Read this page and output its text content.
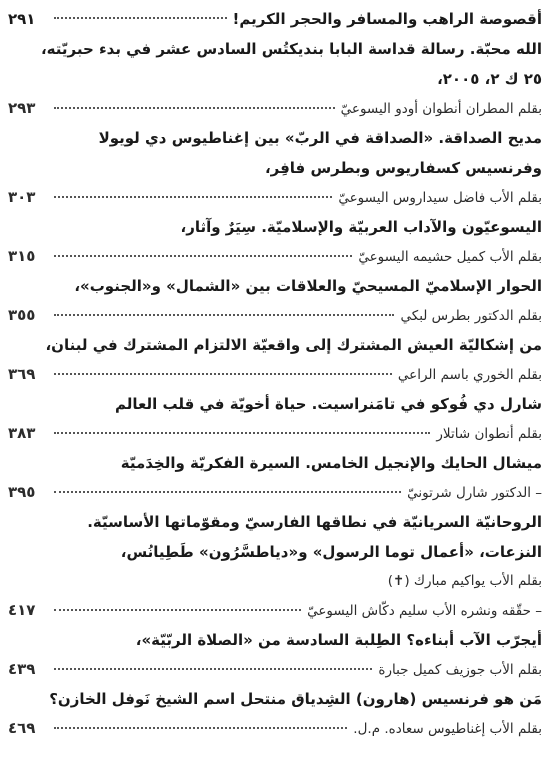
أقصوصة الراهب والمسافر والحجر الكريم!
٢٩١
الله محبّة. رسالة قداسة البابا بنديكتُس السادس عشر في بدء حبريّته،
٢٥ ك ٢، ٢٠٠٥،
بقلم المطران أنطوان أودو اليسوعيّ
٢٩٣
مديح الصداقة. «الصداقة في الربّ» بين إغناطيوس دي لويولا
وفرنسيس كسفاريوس وبطرس فافِر،
بقلم الأب فاضل سيداروس اليسوعيّ
٣٠٣
اليسوعيّون والآداب العربيّة والإسلاميّة. سِيَرٌ وآثار،
بقلم الأب كميل حشيمه اليسوعيّ
٣١٥
الحوار الإسلاميّ المسيحيّ والعلاقات بين «الشمال» و«الجنوب»،
بقلم الدكتور بطرس لبكي
٣٥٥
من إشكاليّة العيش المشترك إلى واقعيّة الالتزام المشترك في لبنان،
بقلم الخوري باسم الراعي
٣٦٩
شارل دي فُوكو في تامَنراسيت. حياة أخويّة في قلب العالم
بقلم أنطوان شاتلار
٣٨٣
ميشال الحايك والإنجيل الخامس. السيرة الفكريّة والخِدَميّة
– الدكتور شارل شرتونيّ
٣٩٥
الروحانيّة السريانيّة في نطاقها الفارسيّ ومقوّماتها الأساسيّة.
النزعات، «أعمال توما الرسول» و«دياطسَّرُون» طَطِيانُس،
بقلم الأب يواكيم مبارك (✝)
– حقّقه ونشره الأب سليم دكّاش اليسوعيّ
٤١٧
أيجرّب الآب أبناءه؟ الطِلبة السادسة من «الصلاة الربّيّة»،
بقلم الأب جوزيف كميل جبارة
٤٣٩
مَن هو فرنسيس (هارون) الشِدياق منتحل اسم الشيخ نَوفل الخازن؟
بقلم الأب إغناطيوس سعاده. م.ل.
٤٦٩
